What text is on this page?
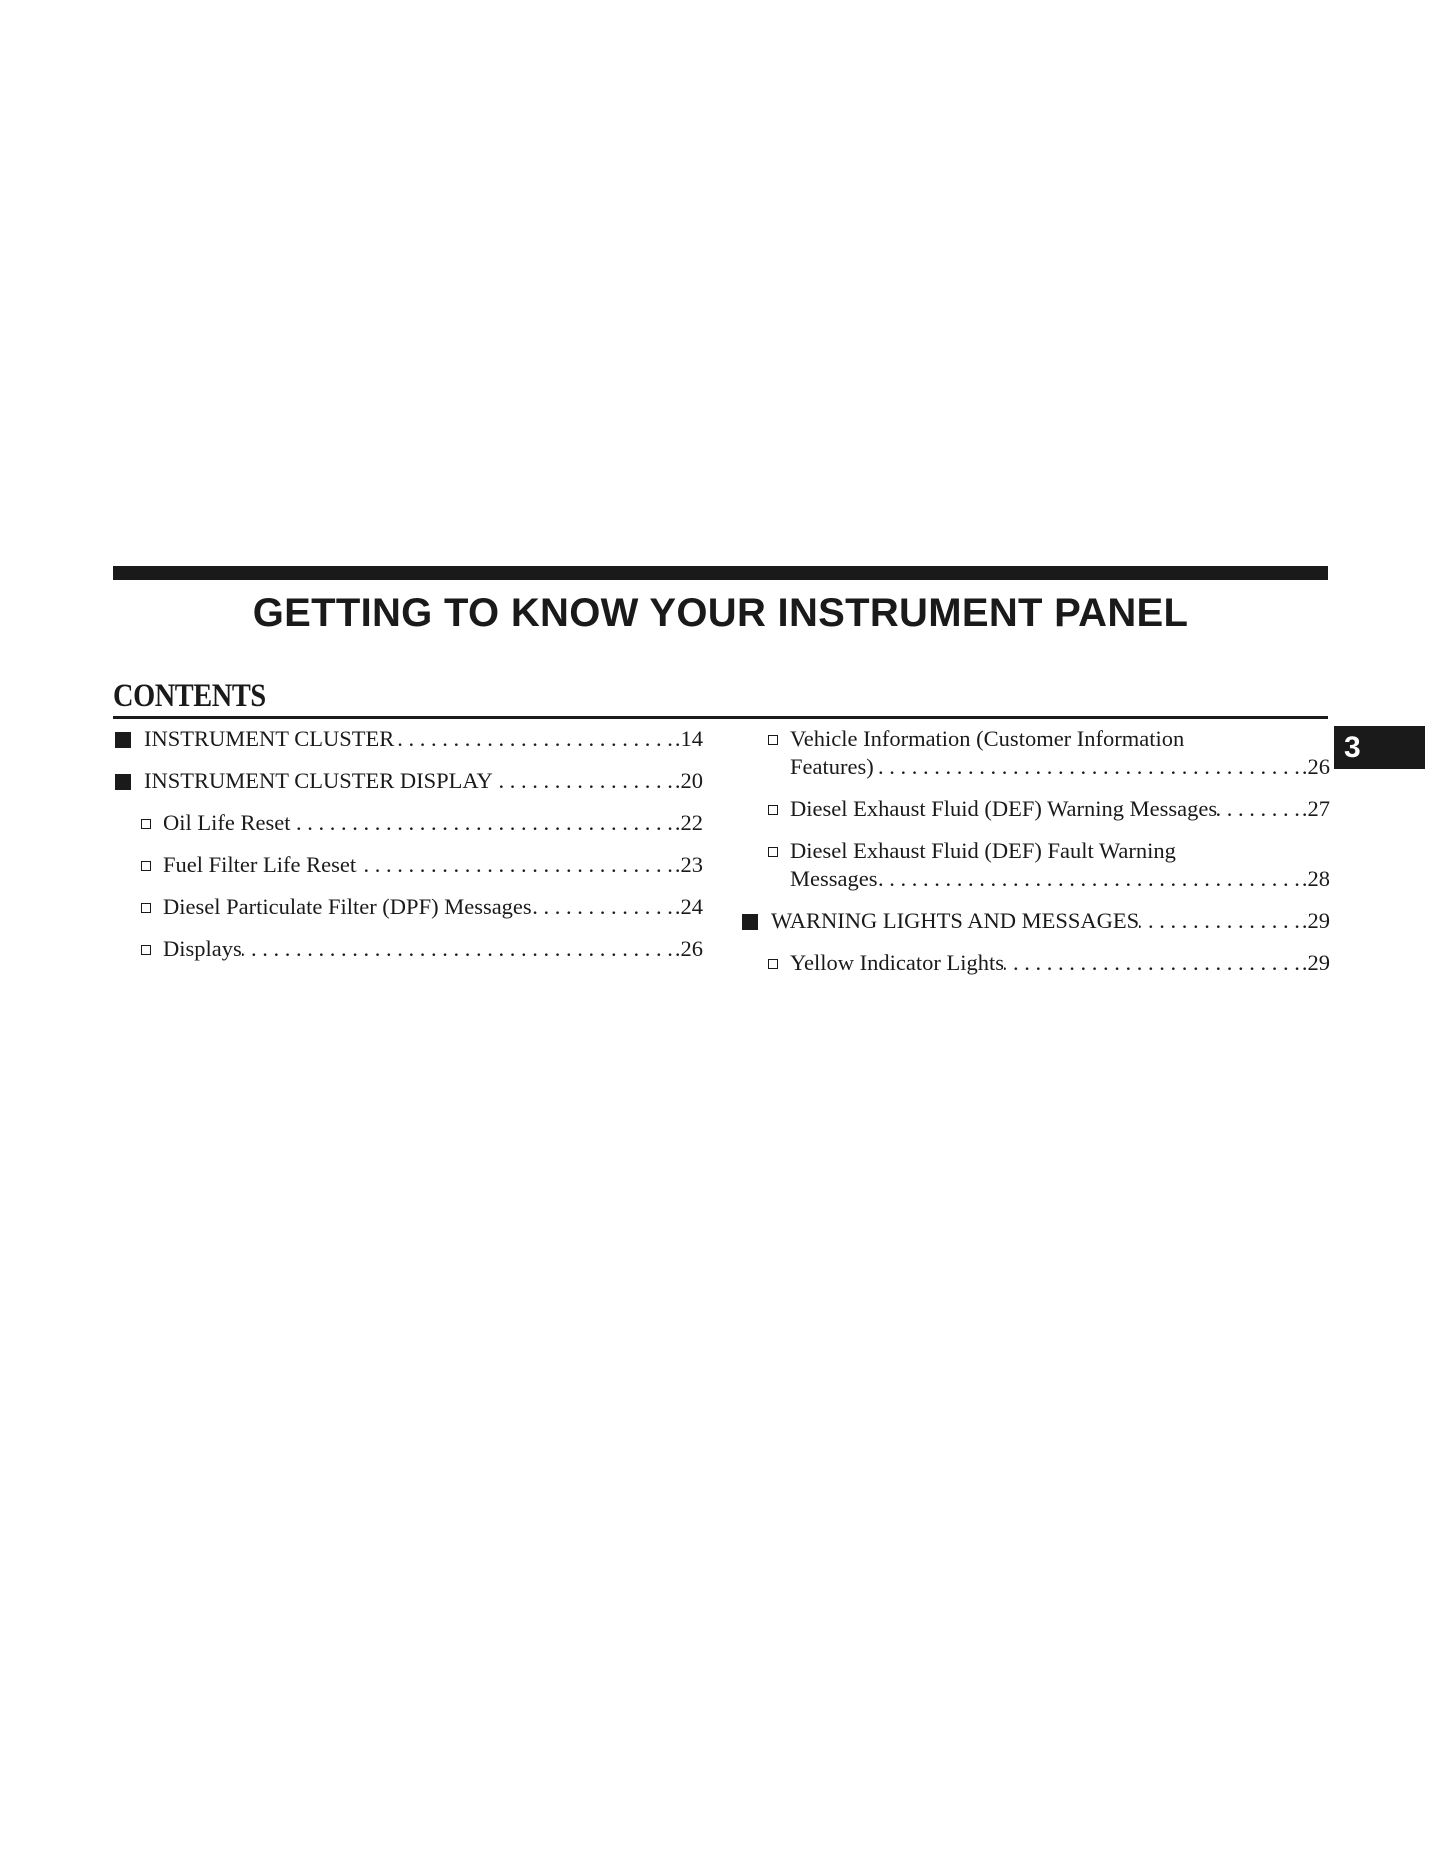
GETTING TO KNOW YOUR INSTRUMENT PANEL
CONTENTS
3
INSTRUMENT CLUSTER . . .	.14
INSTRUMENT CLUSTER DISPLAY . . .	.20
Oil Life Reset . . .	.22
Fuel Filter Life Reset . . .	.23
Diesel Particulate Filter (DPF) Messages . . .	.24
Displays . . .	.26
Vehicle Information (Customer Information
Features) . . .	.26
Diesel Exhaust Fluid (DEF) Warning Messages . . .	.27
Diesel Exhaust Fluid (DEF) Fault Warning
Messages . . .	.28
WARNING LIGHTS AND MESSAGES . . .	.29
Yellow Indicator Lights . . .	.29
